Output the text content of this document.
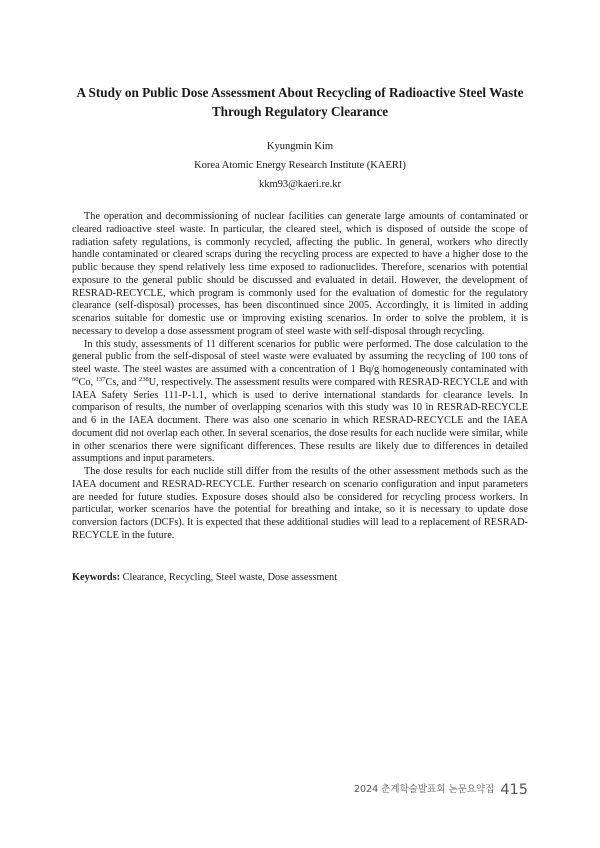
A Study on Public Dose Assessment About Recycling of Radioactive Steel Waste Through Regulatory Clearance
Kyungmin Kim
Korea Atomic Energy Research Institute (KAERI)
kkm93@kaeri.re.kr

The operation and decommissioning of nuclear facilities can generate large amounts of contaminated or cleared radioactive steel waste. In particular, the cleared steel, which is disposed of outside the scope of radiation safety regulations, is commonly recycled, affecting the public. In general, workers who directly handle contaminated or cleared scraps during the recycling process are expected to have a higher dose to the public because they spend relatively less time exposed to radionuclides. Therefore, scenarios with potential exposure to the general public should be discussed and evaluated in detail. However, the development of RESRAD-RECYCLE, which program is commonly used for the evaluation of domestic for the regulatory clearance (self-disposal) processes, has been discontinued since 2005. Accordingly, it is limited in adding scenarios suitable for domestic use or improving existing scenarios. In order to solve the problem, it is necessary to develop a dose assessment program of steel waste with self-disposal through recycling.

In this study, assessments of 11 different scenarios for public were performed. The dose calculation to the general public from the self-disposal of steel waste were evaluated by assuming the recycling of 100 tons of steel waste. The steel wastes are assumed with a concentration of 1 Bq/g homogeneously contaminated with $^{60}$Co, $^{137}$Cs, and $^{238}$U, respectively. The assessment results were compared with RESRAD-RECYCLE and with IAEA Safety Series 111-P-1.1, which is used to derive international standards for clearance levels. In comparison of results, the number of overlapping scenarios with this study was 10 in RESRAD-RECYCLE and 6 in the IAEA document. There was also one scenario in which RESRAD-RECYCLE and the IAEA document did not overlap each other. In several scenarios, the dose results for each nuclide were similar, while in other scenarios there were significant differences. These results are likely due to differences in detailed assumptions and input parameters.

The dose results for each nuclide still differ from the results of the other assessment methods such as the IAEA document and RESRAD-RECYCLE. Further research on scenario configuration and input parameters are needed for future studies. Exposure doses should also be considered for recycling process workers. In particular, worker scenarios have the potential for breathing and intake, so it is necessary to update dose conversion factors (DCFs). It is expected that these additional studies will lead to a replacement of RESRAD-RECYCLE in the future.

Keywords: Clearance, Recycling, Steel waste, Dose assessment
2024 춘계학술발표회 논문요약집 415
